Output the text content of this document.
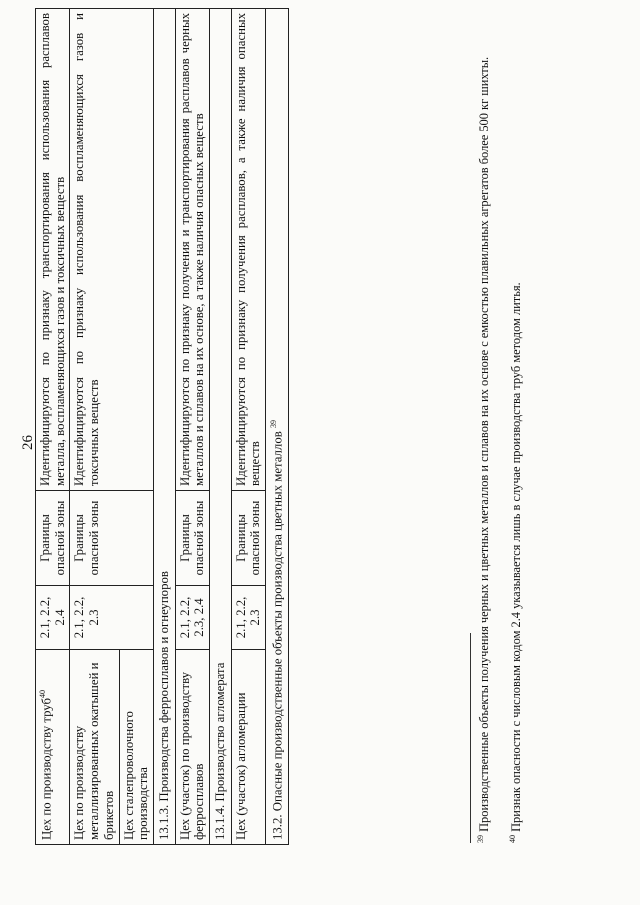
26
Цех по производству труб$^{40}$	2.1, 2.2, 2.4	Границы опасной зоны	Идентифицируются по признаку транспортирования использования расплавов металла, воспламеняющихся газов и токсичных веществ
Цех по производству металлизированных окатышей и брикетов	2.1, 2.2, 2.3	Границы опасной зоны	Идентифицируются по признаку использования воспламеняющихся газов и токсичных веществ
Цех сталепроволочного производства			
13.1.3. Производства ферросплавов и огнеупоров			
Цех (участок) по производству ферросплавов	2.1, 2.2, 2.3, 2.4	Границы опасной зоны	Идентифицируются по признаку получения и транспортирования расплавов черных металлов и сплавов на их основе, а также наличия опасных веществ
13.1.4. Производство агломерата			
Цех (участок) агломерации	2.1, 2.2, 2.3	Границы опасной зоны	Идентифицируются по признаку получения расплавов, а также наличия опасных веществ
13.2. Опасные производственные объекты производства цветных металлов $^{39}$
$^{39}$ Производственные объекты получения черных и цветных металлов и сплавов на их основе с емкостью плавильных агрегатов более 500 кг шихты.
$^{40}$ Признак опасности с числовым кодом 2.4 указывается лишь в случае производства труб методом литья.
